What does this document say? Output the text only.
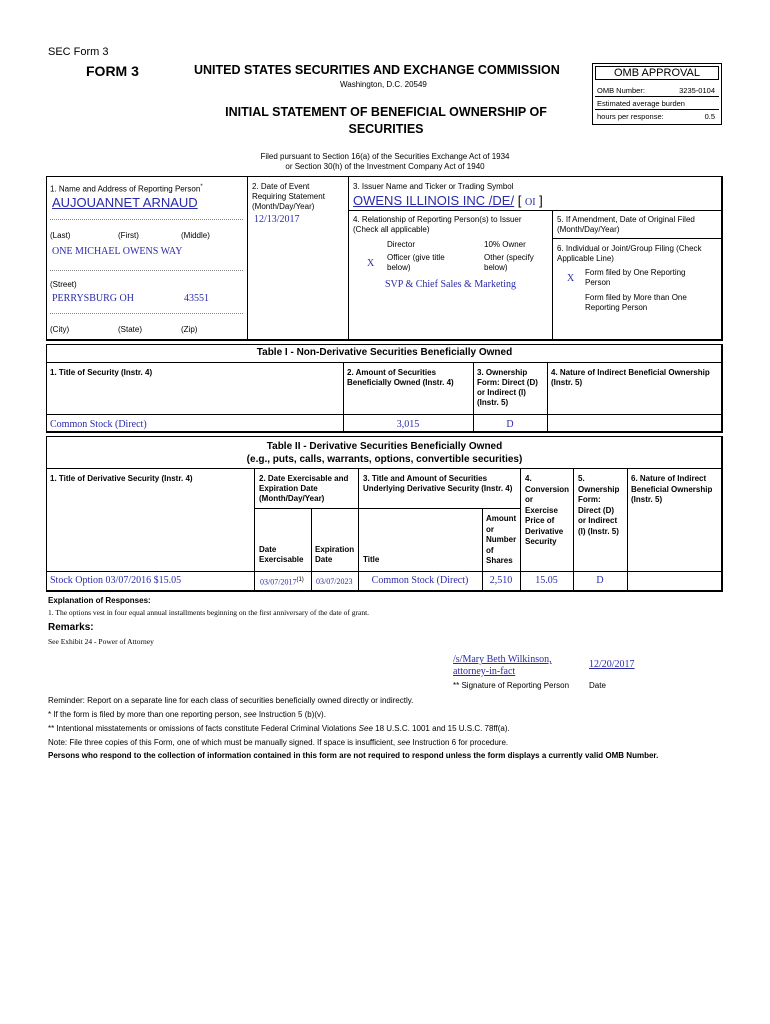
SEC Form 3
FORM 3	UNITED STATES SECURITIES AND EXCHANGE COMMISSION
Washington, D.C. 20549
INITIAL STATEMENT OF BENEFICIAL OWNERSHIP OF
SECURITIES
Filed pursuant to Section 16(a) of the Securities Exchange Act of 1934
or Section 30(h) of the Investment Company Act of 1940
OMB APPROVAL
OMB Number:	3235-0104
Estimated average burden
hours per response:	0.5
1. Name and Address of Reporting Person*
AUJOUANNET ARNAUD
(Last)	(First)	(Middle)
ONE MICHAEL OWENS WAY
(Street)
PERRYSBURG OH	43551
(City)	(State)	(Zip)
2. Date of Event
Requiring Statement
(Month/Day/Year)
12/13/2017
3. Issuer Name and Ticker or Trading Symbol
OWENS ILLINOIS INC /DE/ [ OI ]
4. Relationship of Reporting Person(s) to Issuer
(Check all applicable)
Director	10% Owner
X
Officer (give title
below)
Other (specify
below)
SVP & Chief Sales & Marketing
5. If Amendment, Date of Original Filed
(Month/Day/Year)
6. Individual or Joint/Group Filing (Check
Applicable Line)
X
Form filed by One Reporting
Person
Form filed by More than One
Reporting Person
Table I - Non-Derivative Securities Beneficially Owned
1. Title of Security (Instr. 4)	2. Amount of Securities
Beneficially Owned (Instr. 4)
3. Ownership
Form: Direct (D)
or Indirect (I)
(Instr. 5)
4. Nature of Indirect Beneficial Ownership
(Instr. 5)
Common Stock (Direct)	3,015	D
Table II - Derivative Securities Beneficially Owned
(e.g., puts, calls, warrants, options, convertible securities)
1. Title of Derivative Security (Instr. 4)	2. Date Exercisable and
Expiration Date
(Month/Day/Year)
3. Title and Amount of Securities
Underlying Derivative Security (Instr. 4)
4.
Conversion
or
Exercise
Price of
Derivative
Security
5.
Ownership
Form:
Direct (D)
or Indirect
(I) (Instr. 5)
6. Nature of Indirect
Beneficial Ownership
(Instr. 5)
Date
Exercisable
Expiration
Date	Title
Amount
or
Number
of
Shares
Stock Option 03/07/2016 $15.05	03/07/2017$^{(1)}$ 03/07/2023	Common Stock (Direct)	2,510	15.05	D
Explanation of Responses:
1. The options vest in four equal annual installments beginning on the first anniversary of the date of grant.
Remarks:
See Exhibit 24 - Power of Attorney
/s/Mary Beth Wilkinson,
attorney-in-fact
12/20/2017
** Signature of Reporting Person Date
Reminder: Report on a separate line for each class of securities beneficially owned directly or indirectly.
* If the form is filed by more than one reporting person, see Instruction 5 (b)(v).
** Intentional misstatements or omissions of facts constitute Federal Criminal Violations See 18 U.S.C. 1001 and 15 U.S.C. 78ff(a).
Note: File three copies of this Form, one of which must be manually signed. If space is insufficient, see Instruction 6 for procedure.
Persons who respond to the collection of information contained in this form are not required to respond unless the form displays a currently valid OMB Number.
